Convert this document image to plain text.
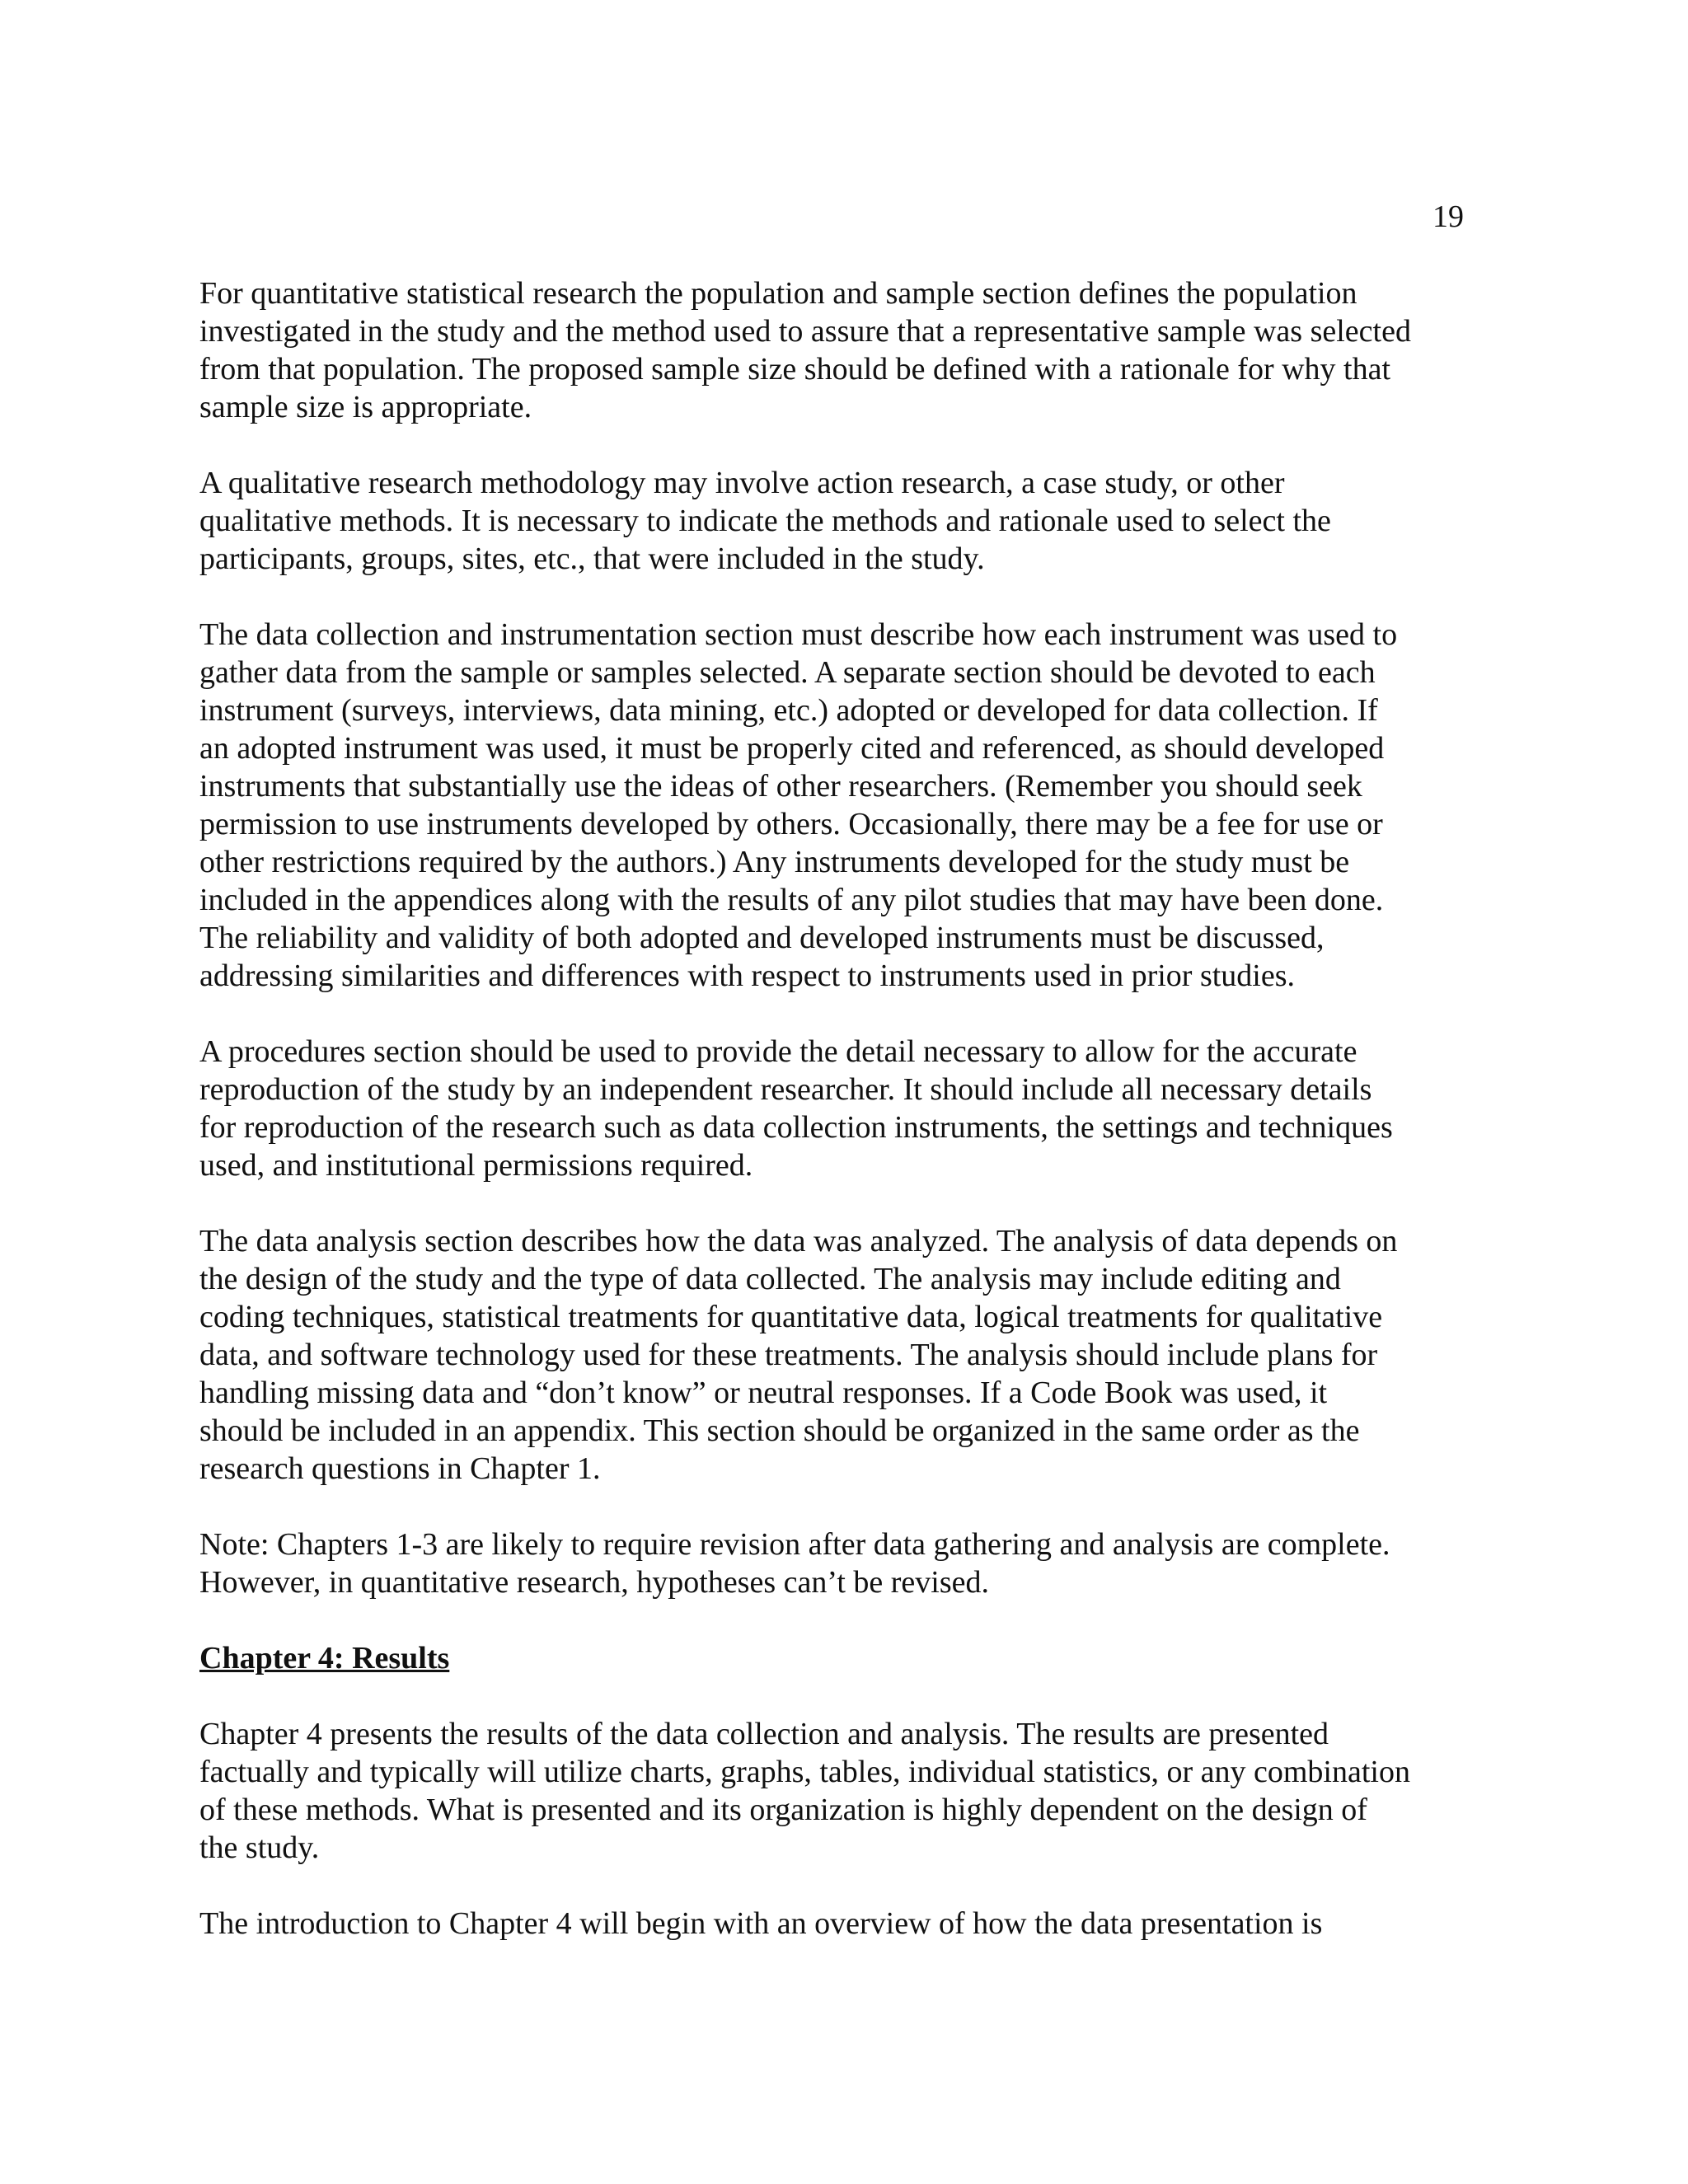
19

For quantitative statistical research the population and sample section defines the population
investigated in the study and the method used to assure that a representative sample was selected
from that population. The proposed sample size should be defined with a rationale for why that
sample size is appropriate.

A qualitative research methodology may involve action research, a case study, or other
qualitative methods. It is necessary to indicate the methods and rationale used to select the
participants, groups, sites, etc., that were included in the study.

The data collection and instrumentation section must describe how each instrument was used to
gather data from the sample or samples selected. A separate section should be devoted to each
instrument (surveys, interviews, data mining, etc.) adopted or developed for data collection. If
an adopted instrument was used, it must be properly cited and referenced, as should developed
instruments that substantially use the ideas of other researchers. (Remember you should seek
permission to use instruments developed by others. Occasionally, there may be a fee for use or
other restrictions required by the authors.) Any instruments developed for the study must be
included in the appendices along with the results of any pilot studies that may have been done.
The reliability and validity of both adopted and developed instruments must be discussed,
addressing similarities and differences with respect to instruments used in prior studies.

A procedures section should be used to provide the detail necessary to allow for the accurate
reproduction of the study by an independent researcher. It should include all necessary details
for reproduction of the research such as data collection instruments, the settings and techniques
used, and institutional permissions required.

The data analysis section describes how the data was analyzed. The analysis of data depends on
the design of the study and the type of data collected. The analysis may include editing and
coding techniques, statistical treatments for quantitative data, logical treatments for qualitative
data, and software technology used for these treatments. The analysis should include plans for
handling missing data and “don’t know” or neutral responses. If a Code Book was used, it
should be included in an appendix. This section should be organized in the same order as the
research questions in Chapter 1.

Note: Chapters 1-3 are likely to require revision after data gathering and analysis are complete.
However, in quantitative research, hypotheses can’t be revised.

Chapter 4: Results

Chapter 4 presents the results of the data collection and analysis. The results are presented
factually and typically will utilize charts, graphs, tables, individual statistics, or any combination
of these methods. What is presented and its organization is highly dependent on the design of
the study.

The introduction to Chapter 4 will begin with an overview of how the data presentation is
